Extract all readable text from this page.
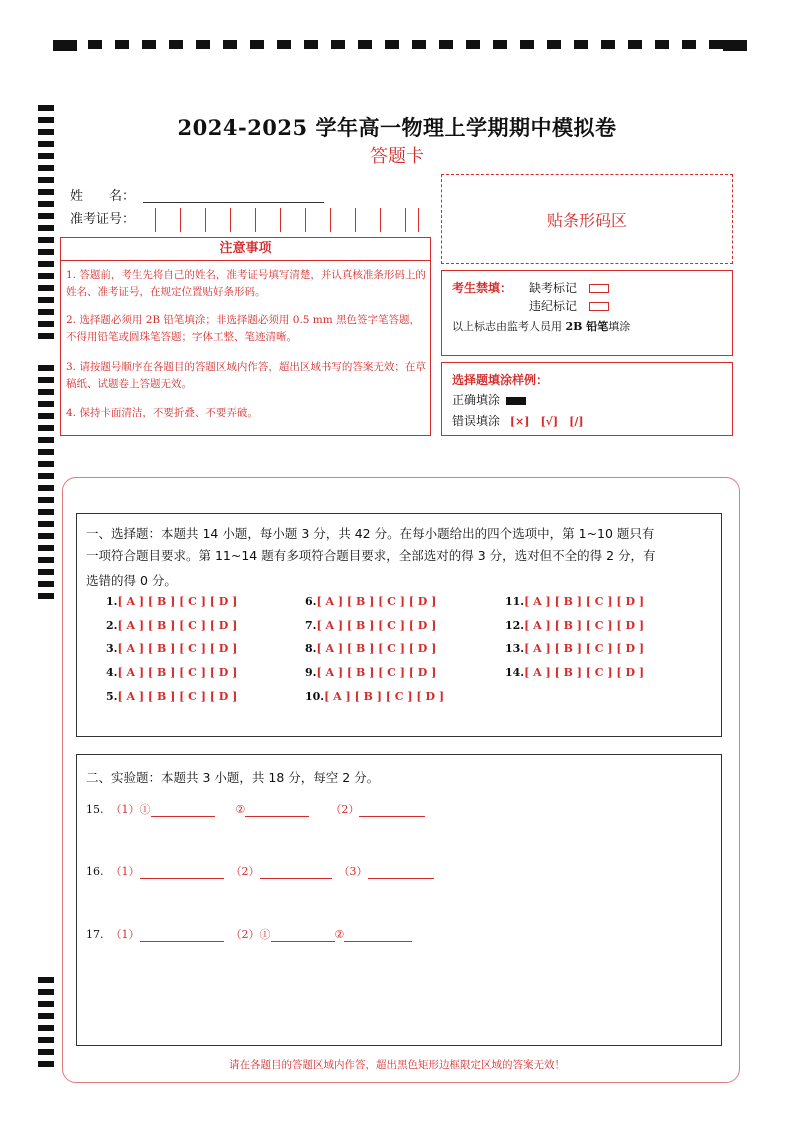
2024-2025 学年高一物理上学期期中模拟卷
答题卡
姓　　名：
准考证号：
注意事项
1. 答题前，考生先将自己的姓名，准考证号填写清楚，并认真核准条形码上的姓名、准考证号，在规定位置贴好条形码。
2. 选择题必须用 2B 铅笔填涂；非选择题必须用 0.5 mm 黑色签字笔答题，不得用铅笔或圆珠笔答题；字体工整、笔迹清晰。
3. 请按题号顺序在各题目的答题区域内作答，超出区域书写的答案无效；在草稿纸、试题卷上答题无效。
4. 保持卡面清洁，不要折叠、不要弄破。
贴条形码区
考生禁填： 缺考标记
违纪标记
以上标志由监考人员用 2B 铅笔填涂
选择题填涂样例：
正确填涂
错误填涂 [×]　[√]　[/]
一、选择题：本题共 14 小题，每小题 3 分，共 42 分。在每小题给出的四个选项中，第 1~10 题只有
一项符合题目要求。第 11~14 题有多项符合题目要求，全部选对的得 3 分，选对但不全的得 2 分，有
选错的得 0 分。
1.[ A ] [ B ] [ C ] [ D ]
2.[ A ] [ B ] [ C ] [ D ]
3.[ A ] [ B ] [ C ] [ D ]
4.[ A ] [ B ] [ C ] [ D ]
5.[ A ] [ B ] [ C ] [ D ]
6.[ A ] [ B ] [ C ] [ D ]
7.[ A ] [ B ] [ C ] [ D ]
8.[ A ] [ B ] [ C ] [ D ]
9.[ A ] [ B ] [ C ] [ D ]
10.[ A ] [ B ] [ C ] [ D ]
11.[ A ] [ B ] [ C ] [ D ]
12.[ A ] [ B ] [ C ] [ D ]
13.[ A ] [ B ] [ C ] [ D ]
14.[ A ] [ B ] [ C ] [ D ]
二、实验题：本题共 3 小题，共 18 分，每空 2 分。
15. （1）①	②	（2）
16. （1）	（2）	（3）
17. （1）	（2）①	②
请在各题目的答题区域内作答，超出黑色矩形边框限定区域的答案无效！
